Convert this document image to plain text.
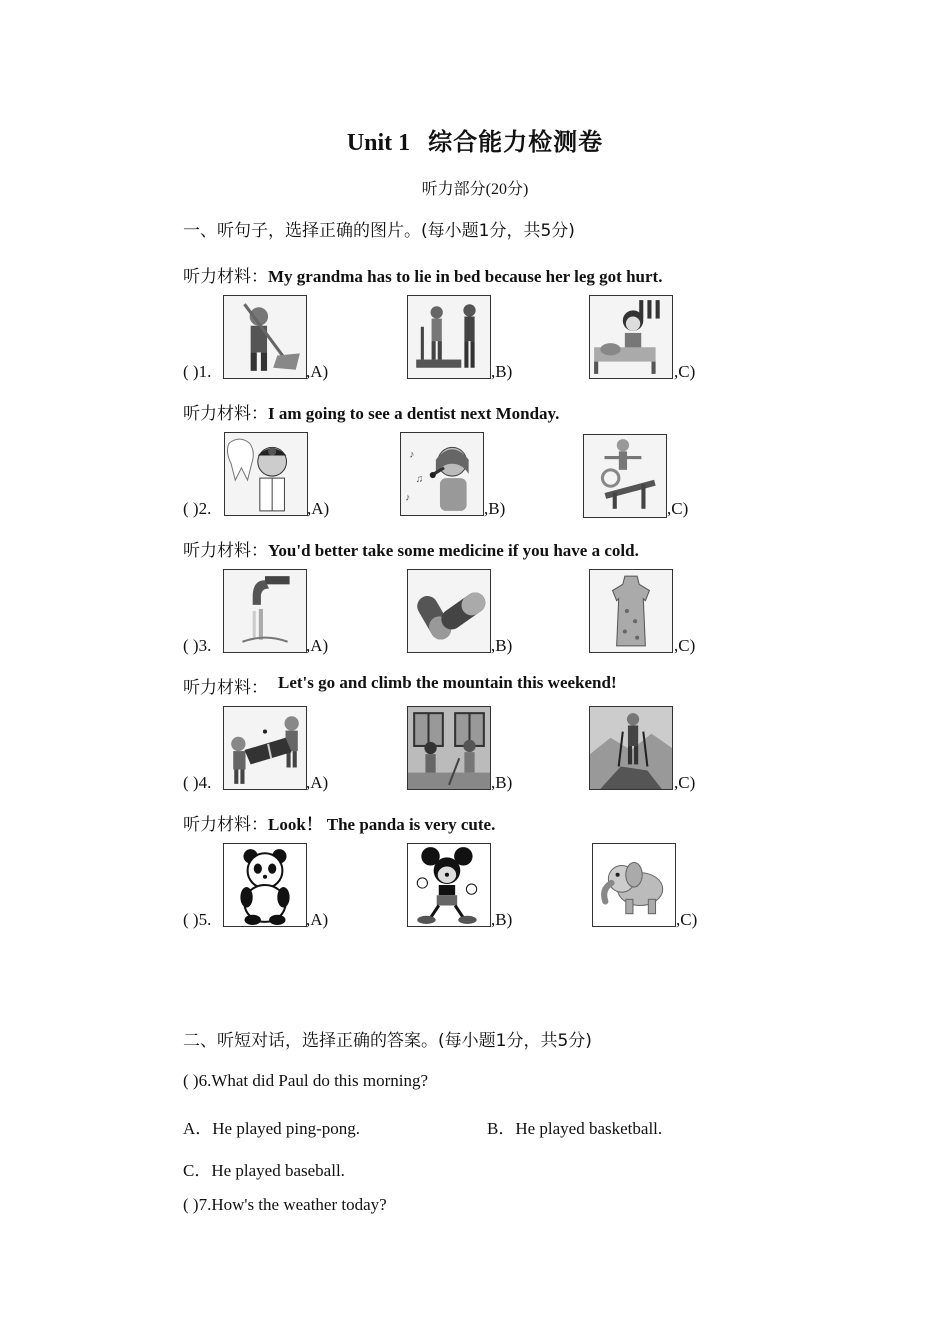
Unit 1 综合能力检测卷
听力部分(20分)
一、听句子，选择正确的图片。(每小题1分，共5分)
听力材料：My grandma has to lie in bed because her leg got hurt.
( )1.	,A)	,B)	,C)
听力材料：I am going to see a dentist next Monday.
( )2.	,A)
♪
♫
♪
,B)	,C)
听力材料：You'd better take some medicine if you have a cold.
( )3.	,A)	,B)	,C)
Let's go and climb the mountain this weekend!
听力材料：
( )4.	,A)	,B)	,C)
听力材料：Look！ The panda is very cute.
( )5.	,A)	,B)	,C)
二、听短对话，选择正确的答案。(每小题1分，共5分)
( )6.What did Paul do this morning?
A．He played ping-pong.	B．He played basketball.
C．He played baseball.
( )7.How's the weather today?
